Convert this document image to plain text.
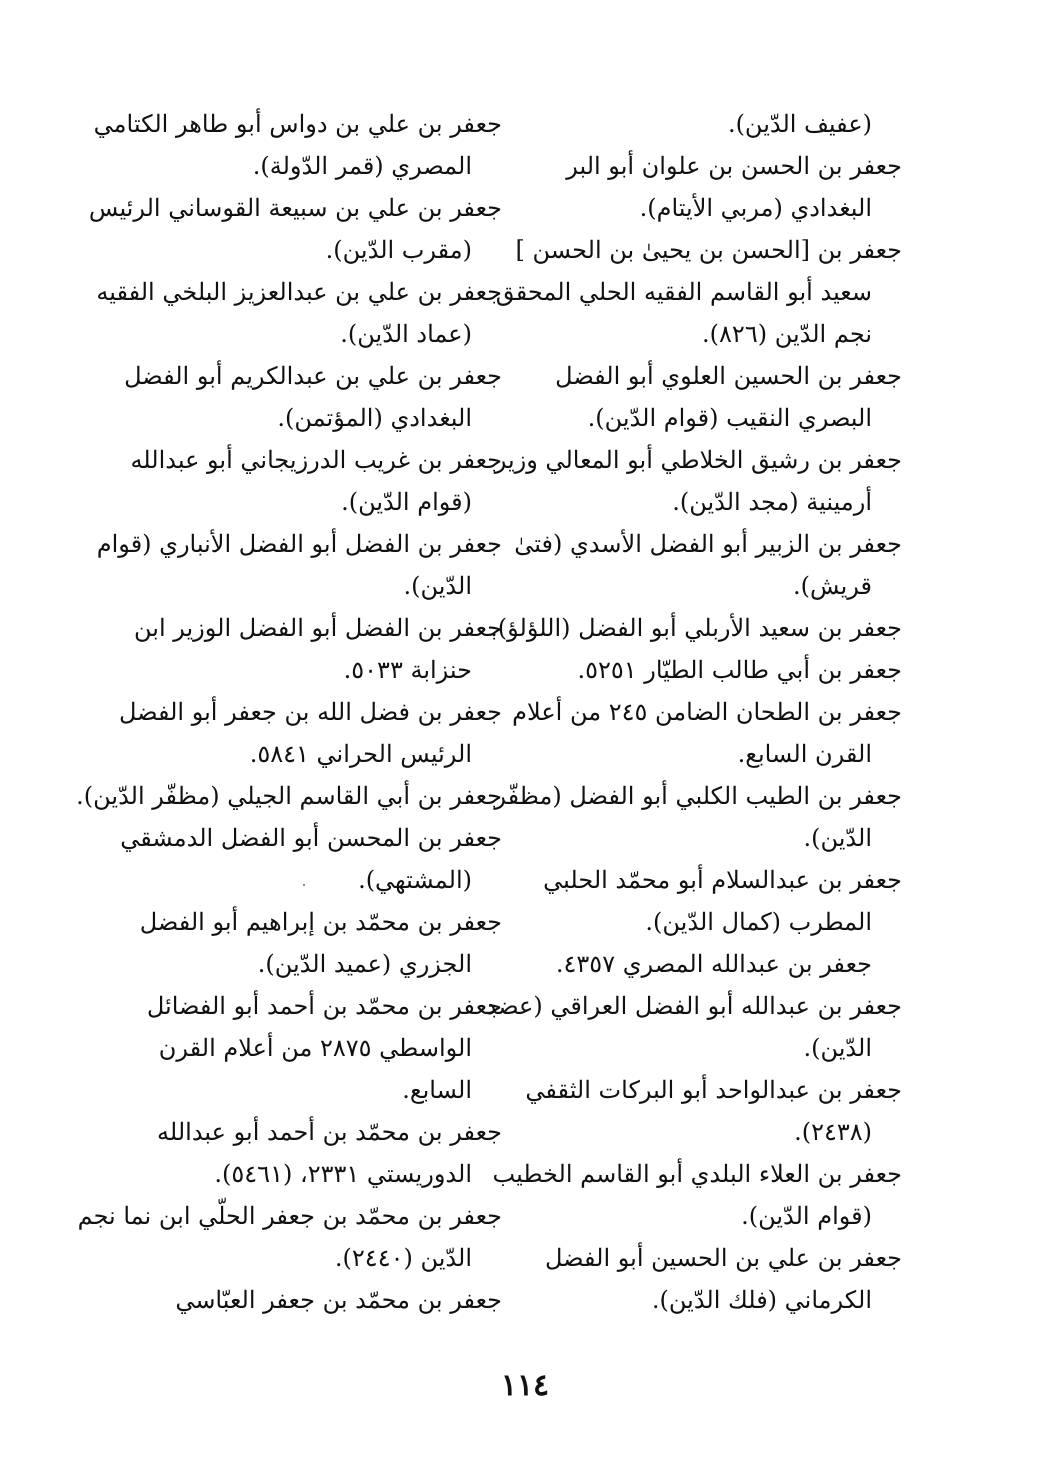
(عفيف الدّين).
جعفر بن الحسن بن علوان أبو البر
البغدادي (مربي الأيتام).
جعفر بن [الحسن بن يحيىٰ بن الحسن ]
سعيد أبو القاسم الفقيه الحلي المحقق
نجم الدّين (٨٢٦).
جعفر بن الحسين العلوي أبو الفضل
البصري النقيب (قوام الدّين).
جعفر بن رشيق الخلاطي أبو المعالي وزير
أرمينية (مجد الدّين).
جعفر بن الزبير أبو الفضل الأسدي (فتىٰ
قريش).
جعفر بن سعيد الأربلي أبو الفضل (اللؤلؤ).
جعفر بن أبي طالب الطيّار ٥٢٥١.
جعفر بن الطحان الضامن ٢٤٥ من أعلام
القرن السابع.
جعفر بن الطيب الكلبي أبو الفضل (مظفّر
الدّين).
جعفر بن عبدالسلام أبو محمّد الحلبي
المطرب (كمال الدّين).
جعفر بن عبدالله المصري ٤٣٥٧.
جعفر بن عبدالله أبو الفضل العراقي (عضد
الدّين).
جعفر بن عبدالواحد أبو البركات الثقفي
(٢٤٣٨).
جعفر بن العلاء البلدي أبو القاسم الخطيب
(قوام الدّين).
جعفر بن علي بن الحسين أبو الفضل
الكرماني (فلك الدّين).
جعفر بن علي بن دواس أبو طاهر الكتامي
المصري (قمر الدّولة).
جعفر بن علي بن سبيعة القوساني الرئيس
(مقرب الدّين).
جعفر بن علي بن عبدالعزيز البلخي الفقيه
(عماد الدّين).
جعفر بن علي بن عبدالكريم أبو الفضل
البغدادي (المؤتمن).
جعفر بن غريب الدرزيجاني أبو عبدالله
(قوام الدّين).
جعفر بن الفضل أبو الفضل الأنباري (قوام
الدّين).
جعفر بن الفضل أبو الفضل الوزير ابن
حنزابة ٥٠٣٣.
جعفر بن فضل الله بن جعفر أبو الفضل
الرئيس الحراني ٥٨٤١.
جعفر بن أبي القاسم الجيلي (مظفّر الدّين).
جعفر بن المحسن أبو الفضل الدمشقي
(المشتهي).
جعفر بن محمّد بن إبراهيم أبو الفضل
الجزري (عميد الدّين).
جعفر بن محمّد بن أحمد أبو الفضائل
الواسطي ٢٨٧٥ من أعلام القرن
السابع.
جعفر بن محمّد بن أحمد أبو عبدالله
الدوريستي ٢٣٣١، (٥٤٦١).
جعفر بن محمّد بن جعفر الحلّي ابن نما نجم
الدّين (٢٤٤٠).
جعفر بن محمّد بن جعفر العبّاسي
١١٤
